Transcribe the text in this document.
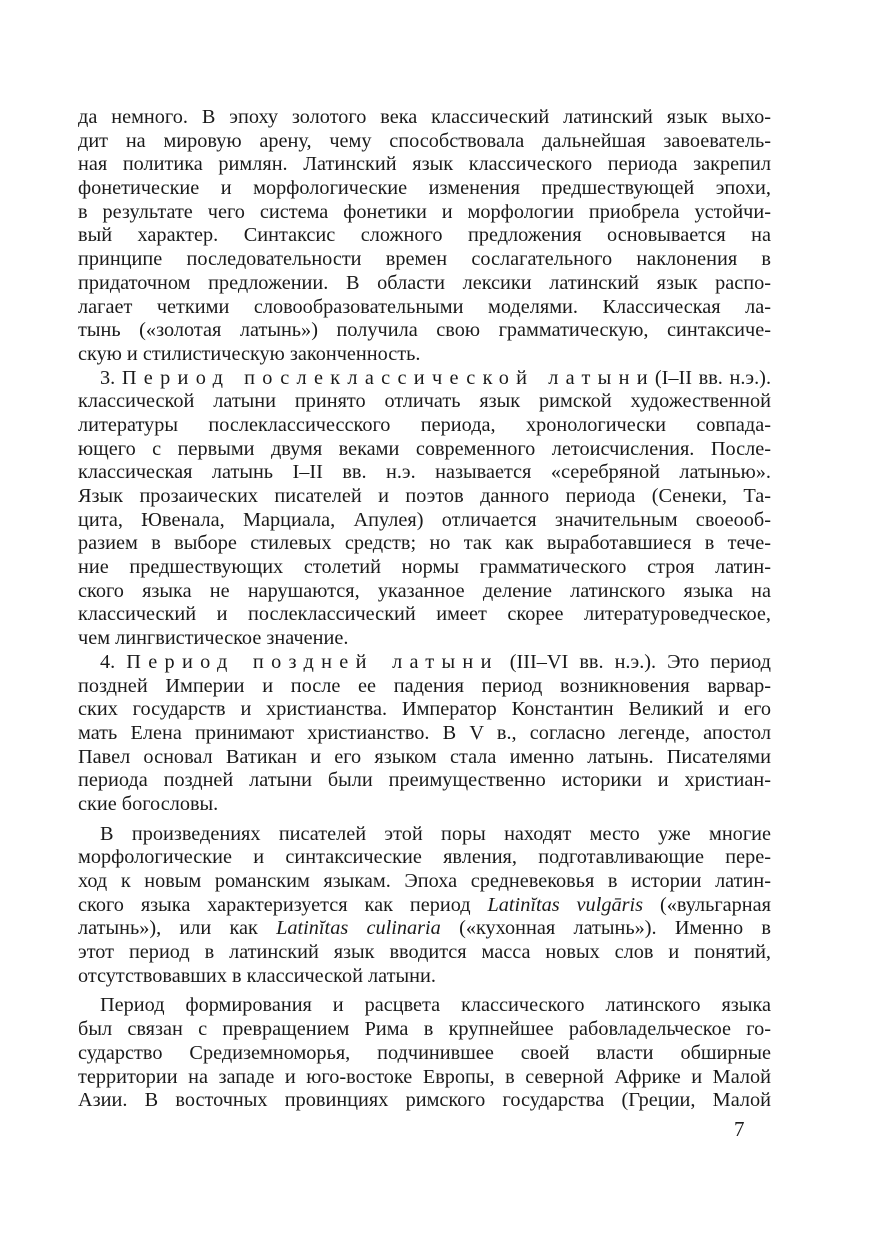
да немного. В эпоху золотого века классический латинский язык выхо-
дит на мировую арену, чему способствовала дальнейшая завоеватель-
ная политика римлян. Латинский язык классического периода закрепил
фонетические и морфологические изменения предшествующей эпохи,
в результате чего система фонетики и морфологии приобрела устойчи-
вый характер. Синтаксис сложного предложения основывается на
принципе последовательности времен сослагательного наклонения в
придаточном предложении. В области лексики латинский язык распо-
лагает четкими словообразовательными моделями. Классическая ла-
тынь («золотая латынь») получила свою грамматическую, синтаксиче-
скую и стилистическую законченность.
3. Период послеклассической латыни(I–II вв. н.э.).
классической латыни принято отличать язык римской художественной
литературы послеклассичесского периода, хронологически совпада-
ющего с первыми двумя веками современного летоисчисления. После-
классическая латынь I–II вв. н.э. называется «серебряной латынью».
Язык прозаических писателей и поэтов данного периода (Сенеки, Та-
цита, Ювенала, Марциала, Апулея) отличается значительным своеооб-
разием в выборе стилевых средств; но так как выработавшиеся в тече-
ние предшествующих столетий нормы грамматического строя латин-
ского языка не нарушаются, указанное деление латинского языка на
классический и послеклассический имеет скорее литературоведческое,
чем лингвистическое значение.
4. Период поздней латыни (III–VI вв. н.э.). Это период
поздней Империи и после ее падения период возникновения варвар-
ских государств и христианства. Император Константин Великий и его
мать Елена принимают христианство. В V в., согласно легенде, апостол
Павел основал Ватикан и его языком стала именно латынь. Писателями
периода поздней латыни были преимущественно историки и христиан-
ские богословы.
В произведениях писателей этой поры находят место уже многие
морфологические и синтаксические явления, подготавливающие пере-
ход к новым романским языкам. Эпоха средневековья в истории латин-
ского языка характеризуется как период Latinĭtas vulgāris («вульгарная
латынь»), или как Latinĭtas culinaria («кухонная латынь»). Именно в
этот период в латинский язык вводится масса новых слов и понятий,
отсутствовавших в классической латыни.
Период формирования и расцвета классического латинского языка
был связан с превращением Рима в крупнейшее рабовладельческое го-
сударство Средиземноморья, подчинившее своей власти обширные
территории на западе и юго-востоке Европы, в северной Африке и Малой
Азии. В восточных провинциях римского государства (Греции, Малой
7
